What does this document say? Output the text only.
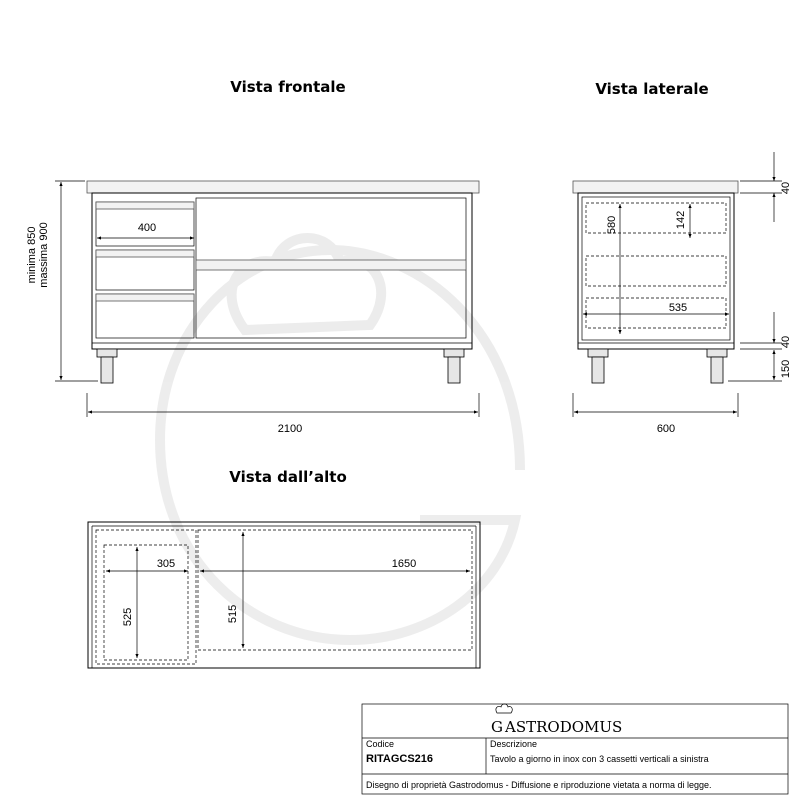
Vista frontale
400
2100
minima 850 massima 900
Vista laterale
580	142
535
40
40
150
600
Vista dall’alto
305
525
1650
515
G ASTRODOMUS
Codice
RITAGCS216
Descrizione
Tavolo a giorno in inox con 3 cassetti verticali a sinistra
Disegno di proprietà Gastrodomus - Diffusione e riproduzione vietata a norma di legge.
